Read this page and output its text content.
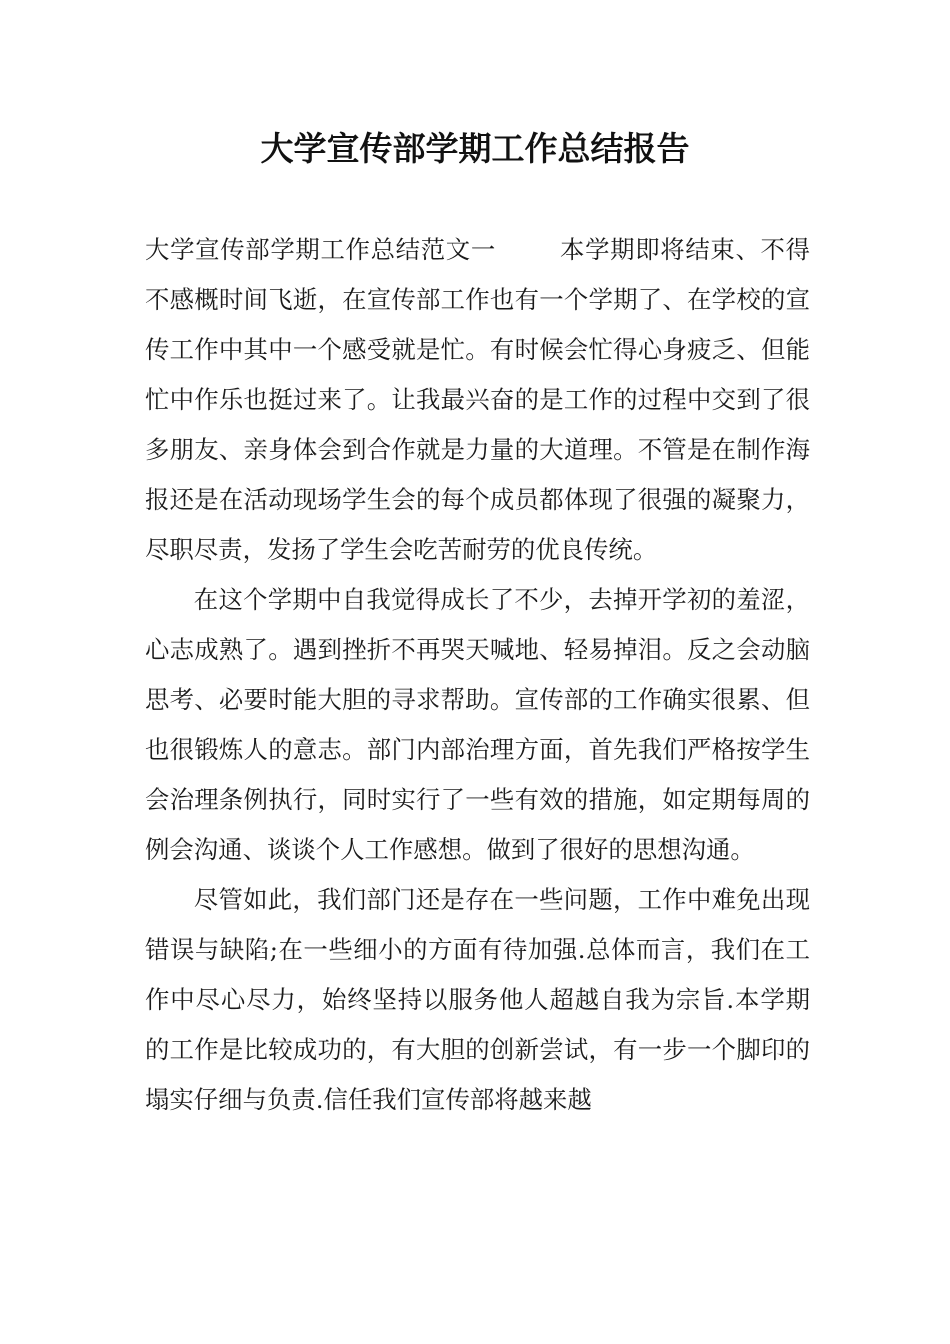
大学宣传部学期工作总结报告

大学宣传部学期工作总结范文一	本学期即将结束、不得不感概时间飞逝，在宣传部工作也有一个学期了、在学校的宣传工作中其中一个感受就是忙。有时候会忙得心身疲乏、但能忙中作乐也挺过来了。让我最兴奋的是工作的过程中交到了很多朋友、亲身体会到合作就是力量的大道理。不管是在制作海报还是在活动现场学生会的每个成员都体现了很强的凝聚力，尽职尽责，发扬了学生会吃苦耐劳的优良传统。

在这个学期中自我觉得成长了不少，去掉开学初的羞涩，心志成熟了。遇到挫折不再哭天喊地、轻易掉泪。反之会动脑思考、必要时能大胆的寻求帮助。宣传部的工作确实很累、但也很锻炼人的意志。部门内部治理方面，首先我们严格按学生会治理条例执行，同时实行了一些有效的措施，如定期每周的例会沟通、谈谈个人工作感想。做到了很好的思想沟通。

尽管如此，我们部门还是存在一些问题，工作中难免出现错误与缺陷;在一些细小的方面有待加强.总体而言，我们在工作中尽心尽力，始终坚持以服务他人超越自我为宗旨.本学期的工作是比较成功的，有大胆的创新尝试，有一步一个脚印的塌实仔细与负责.信任我们宣传部将越来越
